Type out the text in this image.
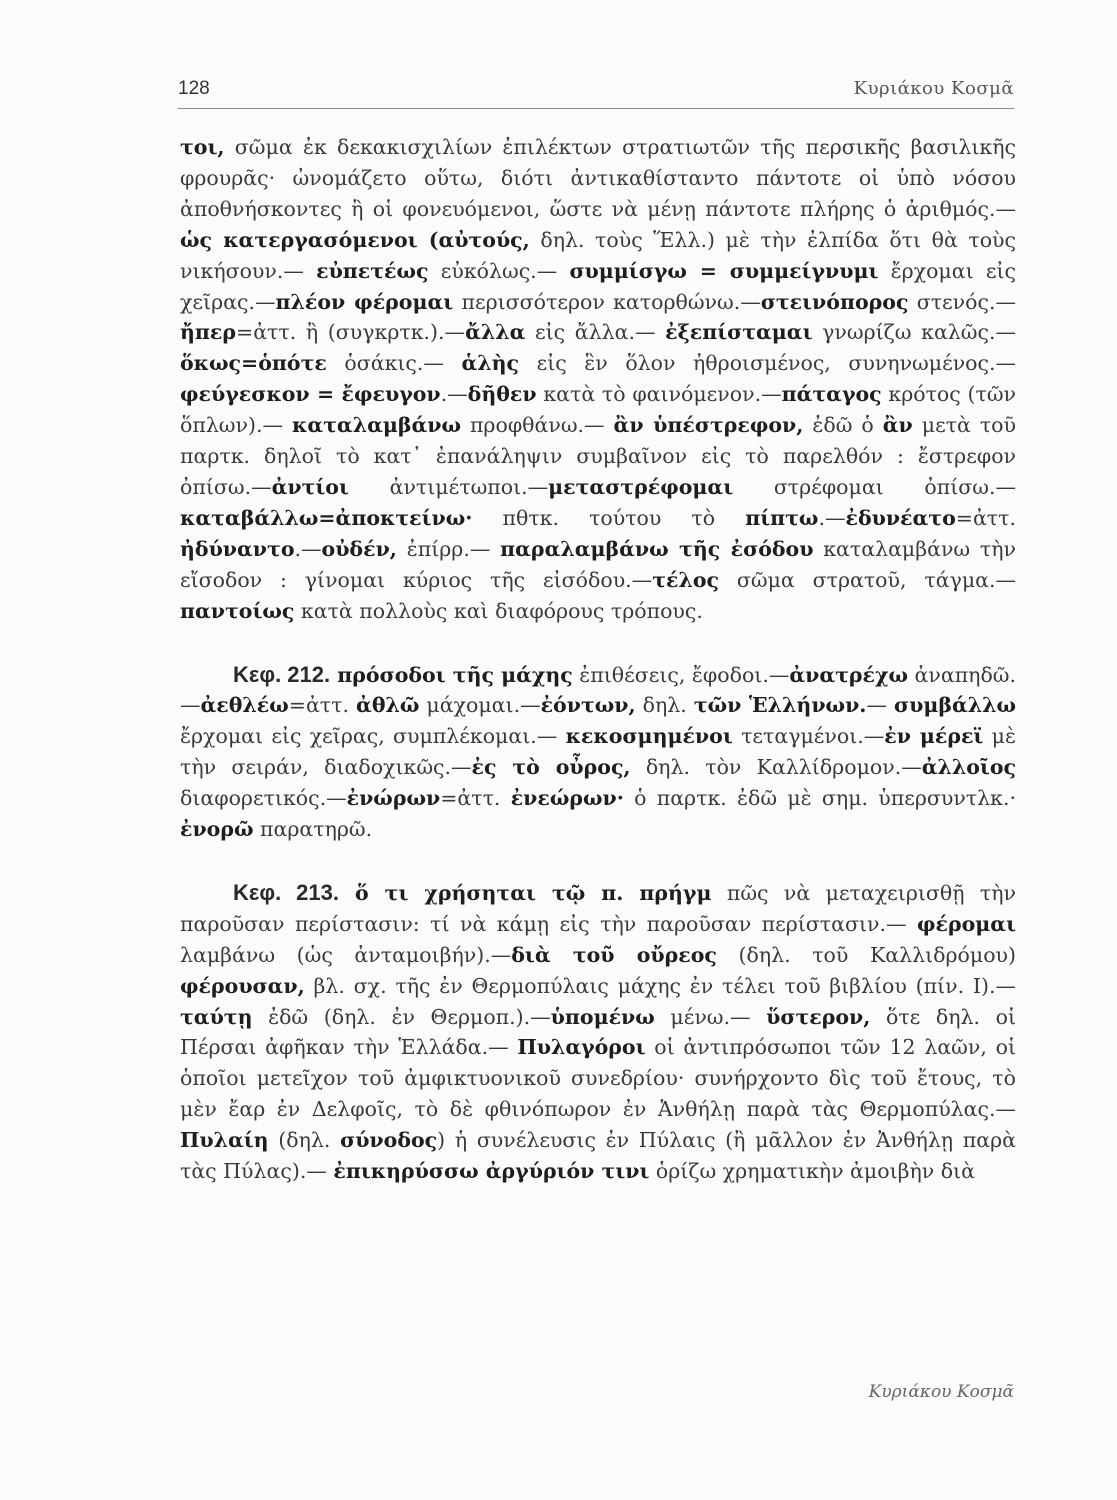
128	Κυριάκου Κοσμᾶ

τοι, σῶμα ἐκ δεκακισχιλίων ἐπιλέκτων στρατιωτῶν τῆς περσικῆς βασιλικῆς φρουρᾶς· ὠνομάζετο οὕτω, διότι ἀντικαθίσταντο πάντοτε οἱ ὑπὸ νόσου ἀποθνήσκοντες ἢ οἱ φονευόμενοι, ὥστε νὰ μένῃ πάντοτε πλήρης ὁ ἀριθμός.— ὡς κατεργασόμενοι (αὐτούς, δηλ. τοὺς Ἕλλ.) μὲ τὴν ἐλπίδα ὅτι θὰ τοὺς νικήσουν.— εὐπετέως εὐκόλως.— συμμίσγω = συμμείγνυμι ἔρχομαι εἰς χεῖρας.—πλέον φέρομαι περισσότερον κατορθώνω.—στεινόπορος στενός.—ἤπερ=ἀττ. ἢ (συγκρτκ.).—ἄλλα εἰς ἄλλα.— ἐξεπίσταμαι γνωρίζω καλῶς.— ὅκως=ὁπότε ὁσάκις.— ἁλὴς εἰς ἓν ὅλον ἠθροισμένος, συνηνωμένος.— φεύγεσκον = ἔφευγον.—δῆθεν κατὰ τὸ φαινόμενον.—πάταγος κρότος (τῶν ὅπλων).— καταλαμβάνω προφθάνω.— ἂν ὑπέστρεφον, ἐδῶ ὁ ἂν μετὰ τοῦ παρτκ. δηλοῖ τὸ κατ᾽ ἐπανάληψιν συμβαῖνον εἰς τὸ παρελθόν : ἔστρεφον ὀπίσω.—ἀντίοι ἀντιμέτωποι.—μεταστρέφομαι στρέφομαι ὀπίσω.—καταβάλλω=ἀποκτείνω· πθτκ. τούτου τὸ πίπτω.—ἐδυνέατο=ἀττ. ἠδύναντο.—οὐδέν, ἐπίρρ.— παραλαμβάνω τῆς ἐσόδου καταλαμβάνω τὴν εἴσοδον : γίνομαι κύριος τῆς εἰσόδου.—τέλος σῶμα στρατοῦ, τάγμα.—παντοίως κατὰ πολλοὺς καὶ διαφόρους τρόπους.

Κεφ. 212. πρόσοδοι τῆς μάχης ἐπιθέσεις, ἔφοδοι.—ἀνατρέχω ἀναπηδῶ.—ἀεθλέω=ἀττ. ἀθλῶ μάχομαι.—ἐόντων, δηλ. τῶν Ἑλλήνων.— συμβάλλω ἔρχομαι εἰς χεῖρας, συμπλέκομαι.— κεκοσμημένοι τεταγμένοι.—ἐν μέρεϊ μὲ τὴν σειράν, διαδοχικῶς.—ἐς τὸ οὖρος, δηλ. τὸν Καλλίδρομον.—ἀλλοῖος διαφορετικός.—ἐνώρων=ἀττ. ἐνεώρων· ὁ παρτκ. ἐδῶ μὲ σημ. ὑπερσυντλκ.· ἐνορῶ παρατηρῶ.

Κεφ. 213. ὅ τι χρήσηται τῷ π. πρήγμ πῶς νὰ μεταχειρισθῇ τὴν παροῦσαν περίστασιν: τί νὰ κάμῃ εἰς τὴν παροῦσαν περίστασιν.— φέρομαι λαμβάνω (ὡς ἀνταμοιβήν).—διὰ τοῦ οὔρεος (δηλ. τοῦ Καλλιδρόμου) φέρουσαν, βλ. σχ. τῆς ἐν Θερμοπύλαις μάχης ἐν τέλει τοῦ βιβλίου (πίν. Ι).—ταύτῃ ἐδῶ (δηλ. ἐν Θερμοπ.).—ὑπομένω μένω.— ὕστερον, ὅτε δηλ. οἱ Πέρσαι ἀφῆκαν τὴν Ἑλλάδα.— Πυλαγόροι οἱ ἀντιπρόσωποι τῶν 12 λαῶν, οἱ ὁποῖοι μετεῖχον τοῦ ἀμφικτυονικοῦ συνεδρίου· συνήρχοντο δὶς τοῦ ἔτους, τὸ μὲν ἔαρ ἐν Δελφοῖς, τὸ δὲ φθινόπωρον ἐν Ἀνθήλῃ παρὰ τὰς Θερμοπύλας.—Πυλαίη (δηλ. σύνοδος) ἡ συνέλευσις ἐν Πύλαις (ἢ μᾶλλον ἐν Ἀνθήλῃ παρὰ τὰς Πύλας).— ἐπικηρύσσω ἀργύριόν τινι ὁρίζω χρηματικὴν ἀμοιβὴν διὰ

Κυριάκου Κοσμᾶ
